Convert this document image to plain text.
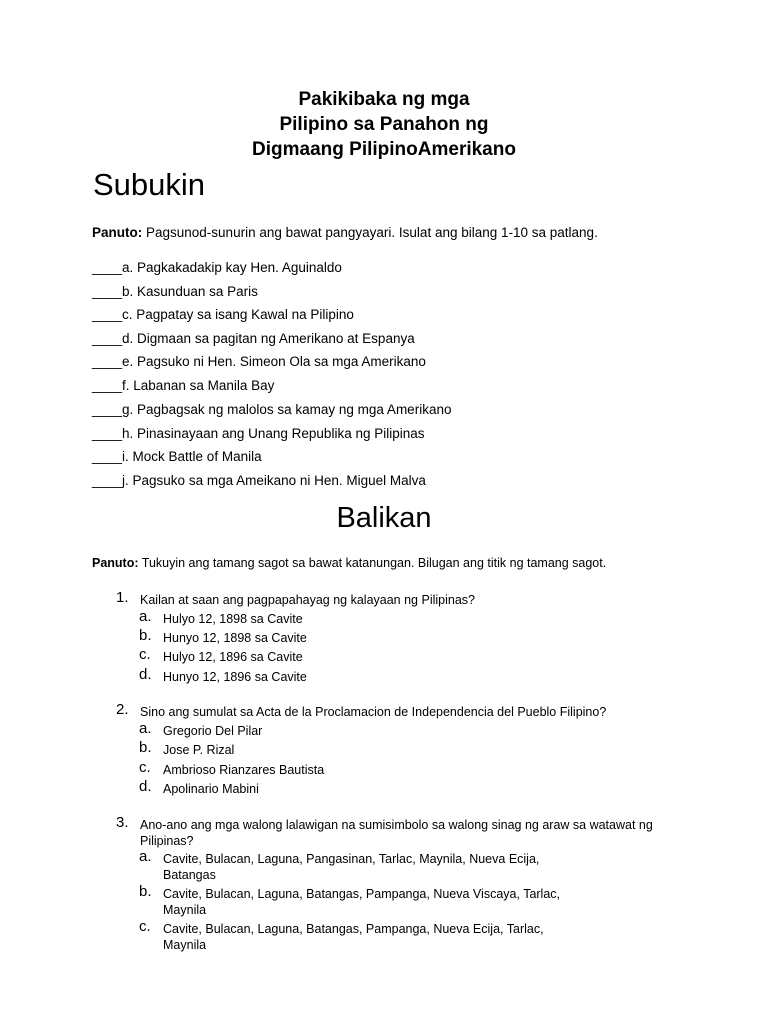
Pakikibaka ng mga
Pilipino sa Panahon ng
Digmaang PilipinoAmerikano
Subukin
Panuto: Pagsunod-sunurin ang bawat pangyayari. Isulat ang bilang 1-10 sa patlang.
____a. Pagkakadakip kay Hen. Aguinaldo
____b. Kasunduan sa Paris
____c. Pagpatay sa isang Kawal na Pilipino
____d. Digmaan sa pagitan ng Amerikano at Espanya
____e. Pagsuko ni Hen. Simeon Ola sa mga Amerikano
____f. Labanan sa Manila Bay
____g. Pagbagsak ng malolos sa kamay ng mga Amerikano
____h. Pinasinayaan ang Unang Republika ng Pilipinas
____i. Mock Battle of Manila
____j. Pagsuko sa mga Ameikano ni Hen. Miguel Malva
Balikan
Panuto: Tukuyin ang tamang sagot sa bawat katanungan. Bilugan ang titik ng tamang sagot.
1. Kailan at saan ang pagpapahayag ng kalayaan ng Pilipinas?
a. Hulyo 12, 1898 sa Cavite
b. Hunyo 12, 1898 sa Cavite
c. Hulyo 12, 1896 sa Cavite
d. Hunyo 12, 1896 sa Cavite
2. Sino ang sumulat sa Acta de la Proclamacion de Independencia del Pueblo Filipino?
a. Gregorio Del Pilar
b. Jose P. Rizal
c. Ambrioso Rianzares Bautista
d. Apolinario Mabini
3. Ano-ano ang mga walong lalawigan na sumisimbolo sa walong sinag ng araw sa watawat ng
Pilipinas?
a. Cavite, Bulacan, Laguna, Pangasinan, Tarlac, Maynila, Nueva Ecija,
Batangas
b. Cavite, Bulacan, Laguna, Batangas, Pampanga, Nueva Viscaya, Tarlac,
Maynila
c. Cavite, Bulacan, Laguna, Batangas, Pampanga, Nueva Ecija, Tarlac,
Maynila
